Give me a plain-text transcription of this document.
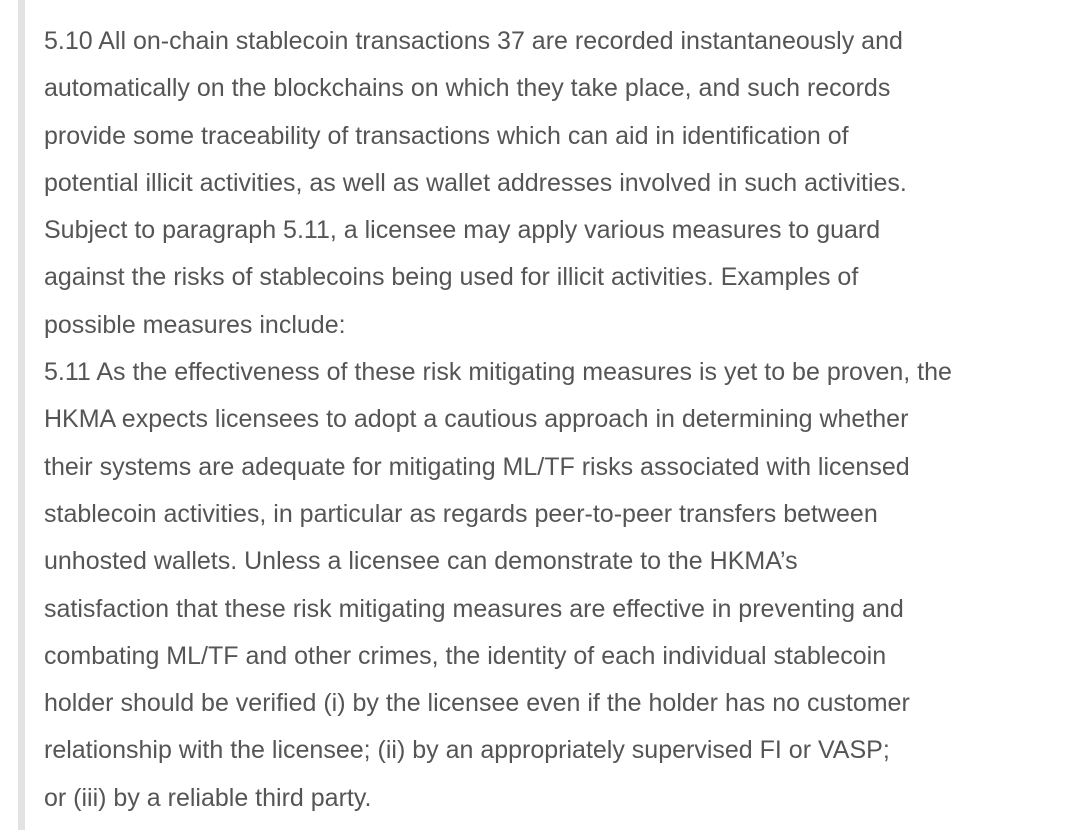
5.10 All on-chain stablecoin transactions 37 are recorded instantaneously and
automatically on the blockchains on which they take place, and such records
provide some traceability of transactions which can aid in identification of
potential illicit activities, as well as wallet addresses involved in such activities.
Subject to paragraph 5.11, a licensee may apply various measures to guard
against the risks of stablecoins being used for illicit activities. Examples of
possible measures include:
5.11 As the effectiveness of these risk mitigating measures is yet to be proven, the
HKMA expects licensees to adopt a cautious approach in determining whether
their systems are adequate for mitigating ML/TF risks associated with licensed
stablecoin activities, in particular as regards peer-to-peer transfers between
unhosted wallets. Unless a licensee can demonstrate to the HKMA’s
satisfaction that these risk mitigating measures are effective in preventing and
combating ML/TF and other crimes, the identity of each individual stablecoin
holder should be verified (i) by the licensee even if the holder has no customer
relationship with the licensee; (ii) by an appropriately supervised FI or VASP;
or (iii) by a reliable third party.
